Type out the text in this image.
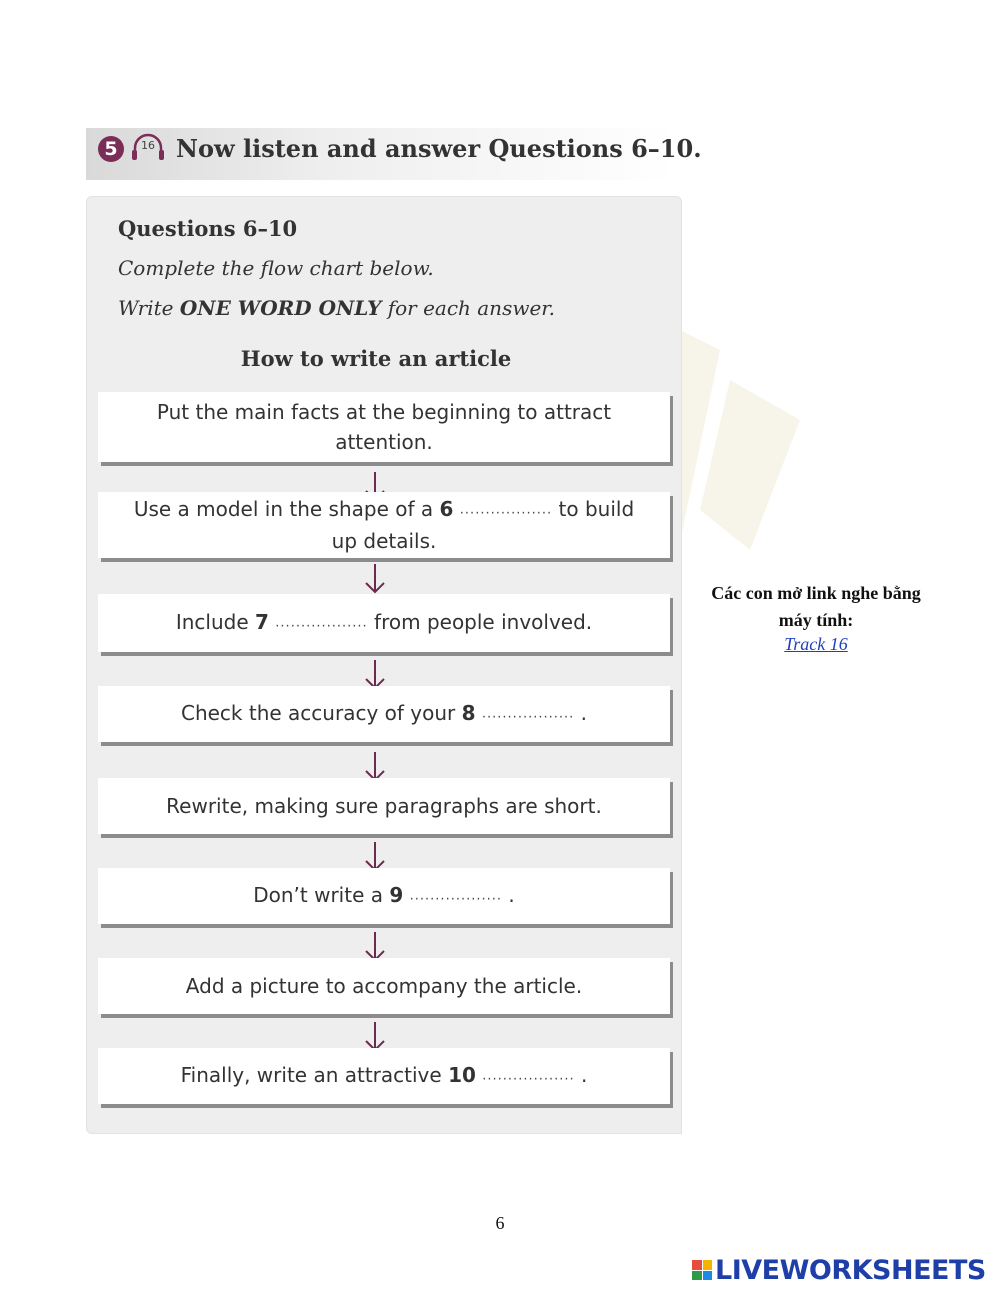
5	16 Now listen and answer Questions 6–10.
Questions 6–10
Complete the flow chart below.
Write ONE WORD ONLY for each answer.
How to write an article
Put the main facts at the beginning to attract attention.
Use a model in the shape of a 6 .................. to build up details.
Include 7 .................. from people involved.
Check the accuracy of your 8 .................. .
Rewrite, making sure paragraphs are short.
Don’t write a 9 .................. .
Add a picture to accompany the article.
Finally, write an attractive 10 .................. .
Các con mở link nghe bằng máy tính:
Track 16
6
LIVEWORKSHEETS
